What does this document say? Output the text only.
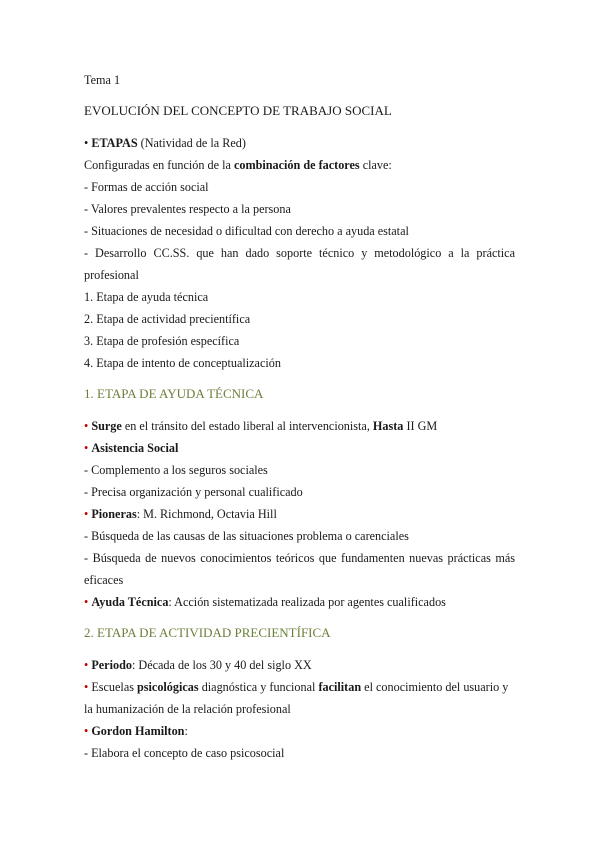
Tema 1
EVOLUCIÓN DEL CONCEPTO DE TRABAJO SOCIAL
• ETAPAS (Natividad de la Red)
Configuradas en función de la combinación de factores clave:
- Formas de acción social
- Valores prevalentes respecto a la persona
- Situaciones de necesidad o dificultad con derecho a ayuda estatal
- Desarrollo CC.SS. que han dado soporte técnico y metodológico a la práctica
profesional
1. Etapa de ayuda técnica
2. Etapa de actividad precientífica
3. Etapa de profesión específica
4. Etapa de intento de conceptualización
1. ETAPA DE AYUDA TÉCNICA
• Surge en el tránsito del estado liberal al intervencionista, Hasta II GM
• Asistencia Social
- Complemento a los seguros sociales
- Precisa organización y personal cualificado
• Pioneras: M. Richmond, Octavia Hill
- Búsqueda de las causas de las situaciones problema o carenciales
- Búsqueda de nuevos conocimientos teóricos que fundamenten nuevas prácticas más
eficaces
• Ayuda Técnica: Acción sistematizada realizada por agentes cualificados
2. ETAPA DE ACTIVIDAD PRECIENTÍFICA
• Periodo: Década de los 30 y 40 del siglo XX
• Escuelas psicológicas diagnóstica y funcional facilitan el conocimiento del usuario y
la humanización de la relación profesional
• Gordon Hamilton:
- Elabora el concepto de caso psicosocial
